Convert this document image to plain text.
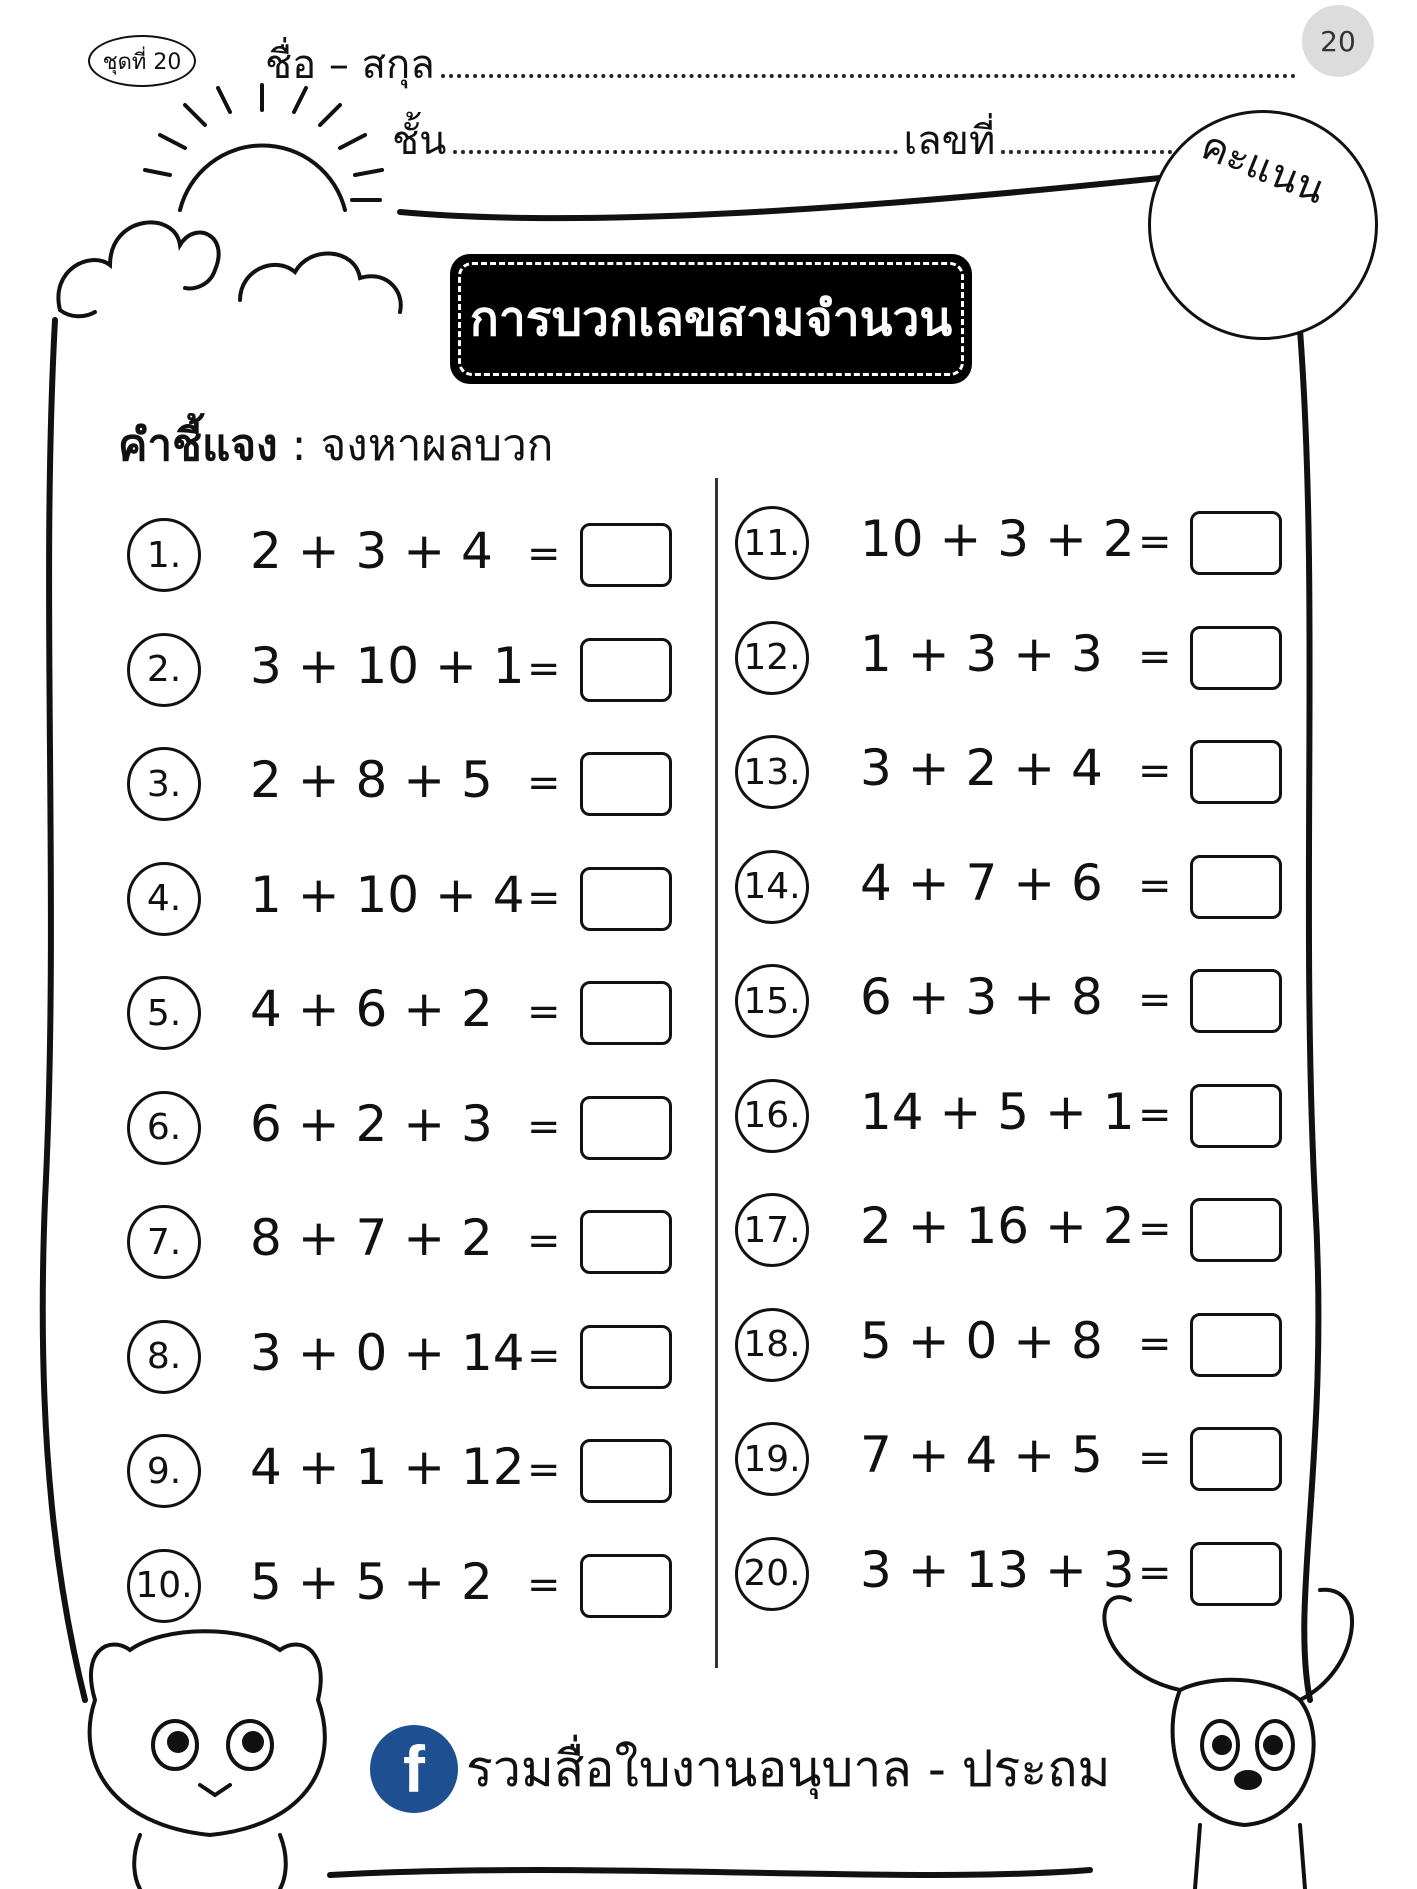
ชุดที่ 20
20
ชื่อ – สกุล
ชั้น	เลขที่	คะแนน
การบวกเลขสามจำนวน
คำชี้แจง : จงหาผลบวก
1.	2 + 3 + 4 =
2.	3 + 10 + 1 =
3.	2 + 8 + 5 =
4.	1 + 10 + 4 =
5.	4 + 6 + 2 =
6.	6 + 2 + 3 =
7.	8 + 7 + 2 =
8.	3 + 0 + 14 =
9.	4 + 1 + 12 =
10. 5 + 5 + 2 =
11. 10 + 3 + 2 =
12. 1 + 3 + 3 =
13. 3 + 2 + 4 =
14. 4 + 7 + 6 =
15. 6 + 3 + 8 =
16. 14 + 5 + 1 =
17. 2 + 16 + 2 =
18. 5 + 0 + 8 =
19. 7 + 4 + 5 =
20. 3 + 13 + 3 =
f รวมสื่อใบงานอนุบาล - ประถม
